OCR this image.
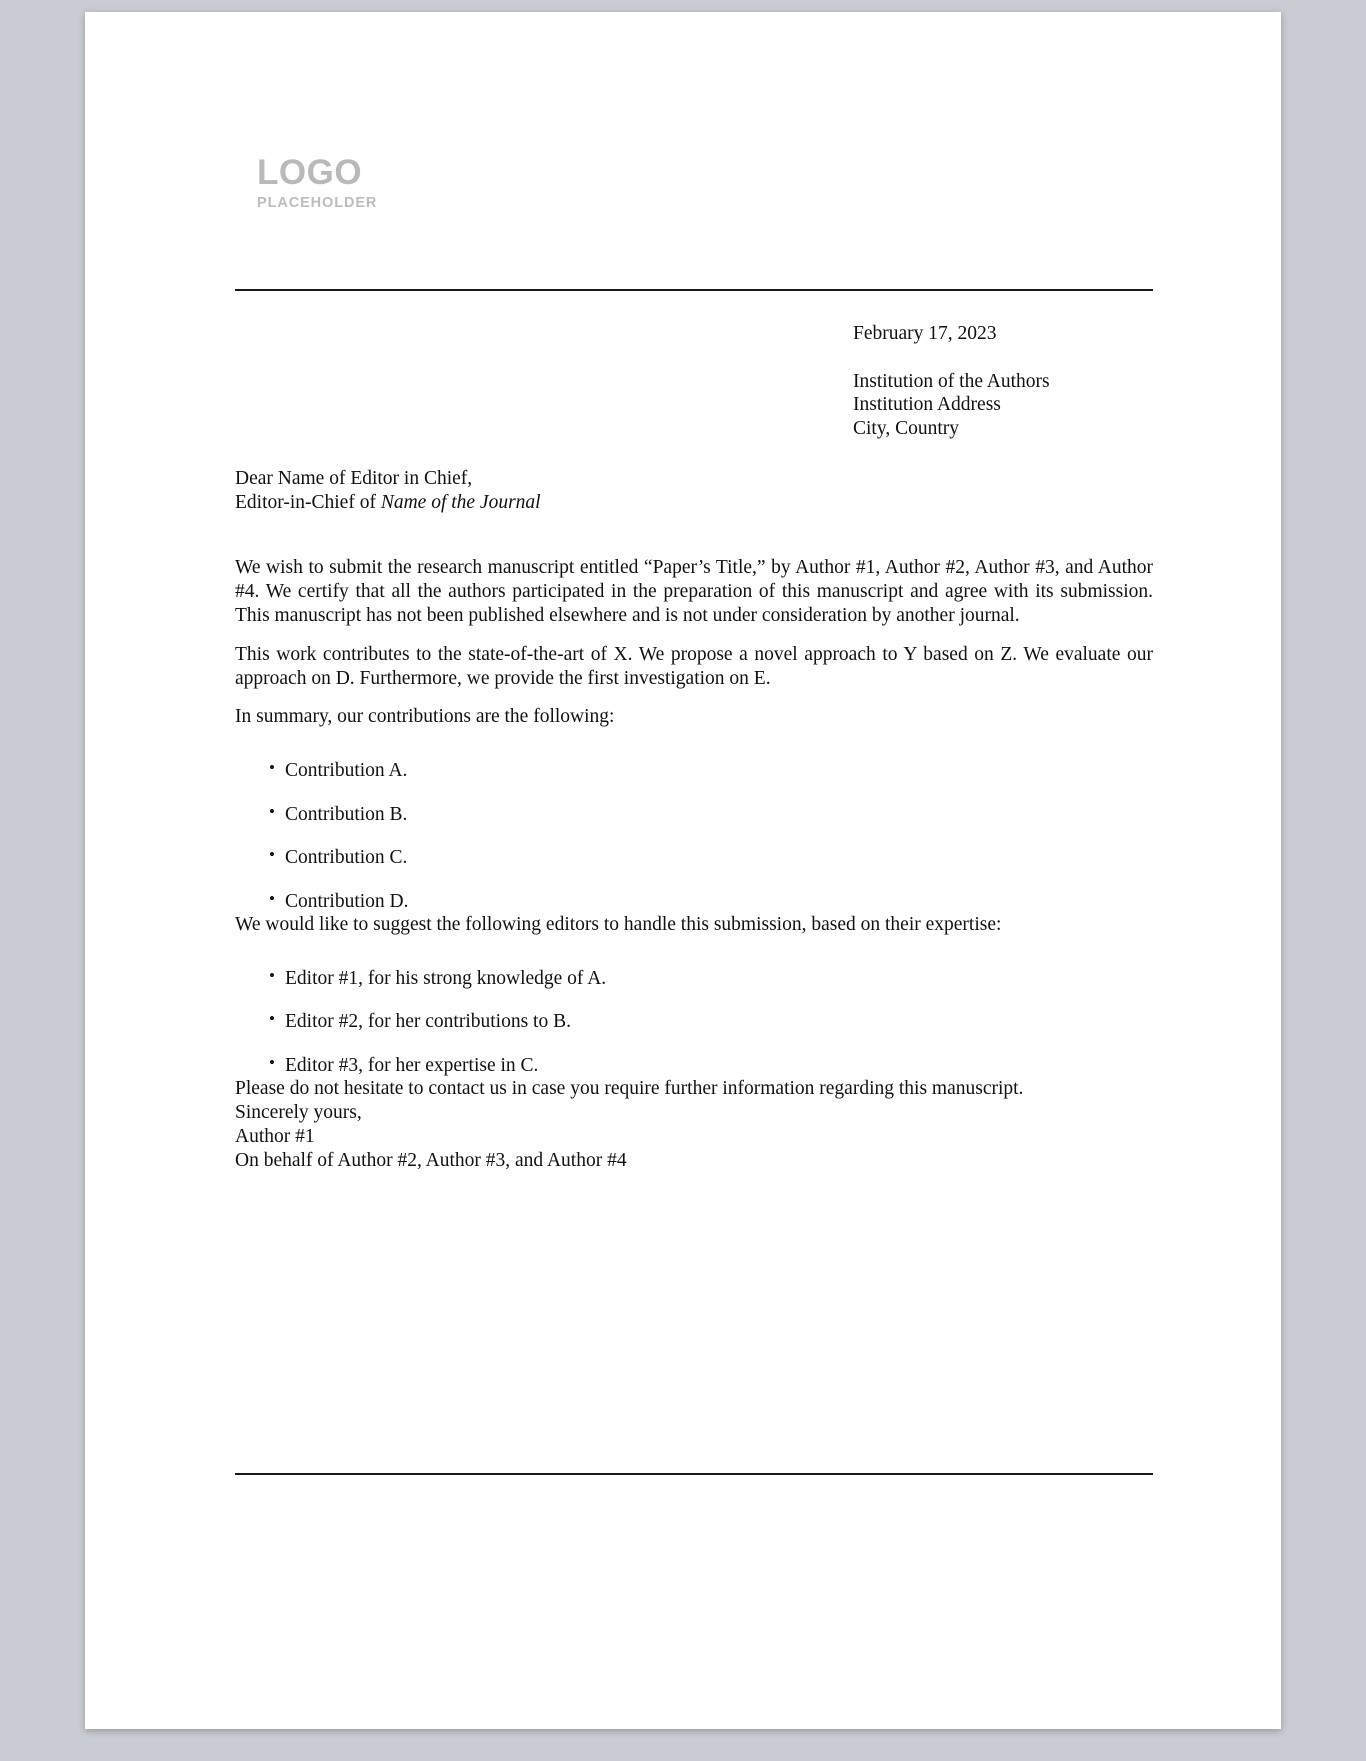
LOGO
PLACEHOLDER
February 17, 2023
Institution of the Authors
Institution Address
City, Country
Dear Name of Editor in Chief,
Editor-in-Chief of Name of the Journal

We wish to submit the research manuscript entitled “Paper’s Title,” by Author #1, Author #2, Author #3, and Author #4. We certify that all the authors participated in the preparation of this manuscript and agree with its submission. This manuscript has not been published elsewhere and is not under consideration by another journal.

This work contributes to the state-of-the-art of X. We propose a novel approach to Y based on Z. We evaluate our approach on D. Furthermore, we provide the first investigation on E.

In summary, our contributions are the following:

• Contribution A.
• Contribution B.
• Contribution C.
• Contribution D.

We would like to suggest the following editors to handle this submission, based on their expertise:

• Editor #1, for his strong knowledge of A.
• Editor #2, for her contributions to B.
• Editor #3, for her expertise in C.

Please do not hesitate to contact us in case you require further information regarding this manuscript.

Sincerely yours,

Author #1

On behalf of Author #2, Author #3, and Author #4
